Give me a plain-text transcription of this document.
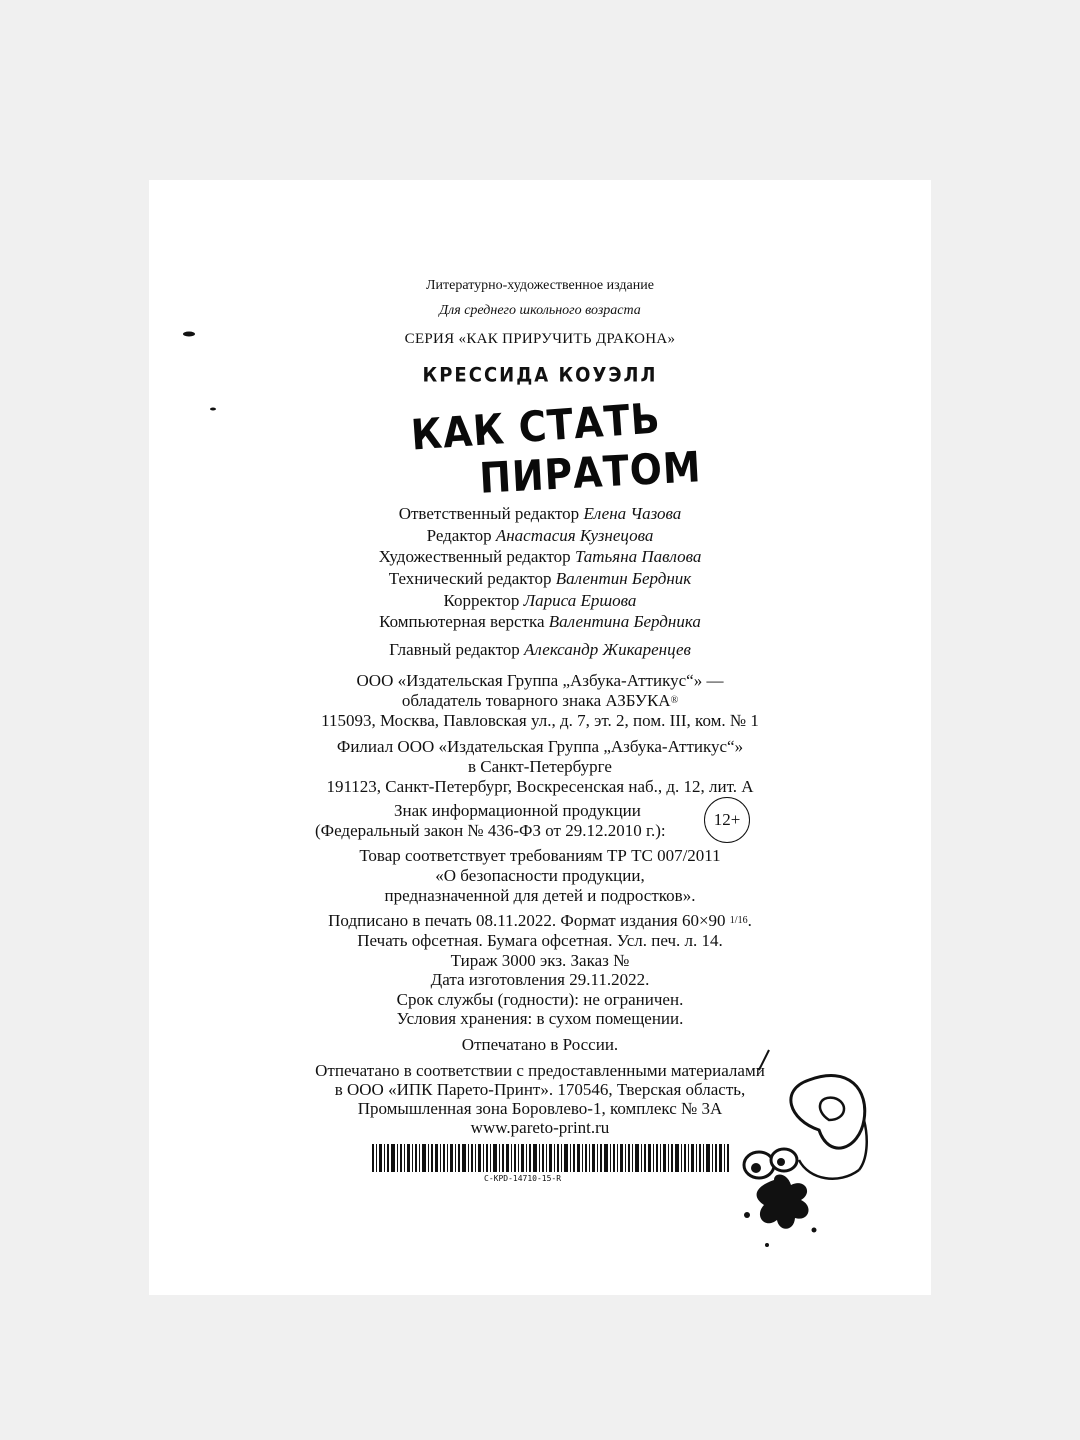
Литературно-художественное издание
Для среднего школьного возраста
СЕРИЯ «КАК ПРИРУЧИТЬ ДРАКОНА»
КРЕССИДА КОУЭЛЛ
КАК СТАТЬ
ПИРАТОМ
Ответственный редактор Елена Чазова
Редактор Анастасия Кузнецова
Художественный редактор Татьяна Павлова
Технический редактор Валентин Бердник
Корректор Лариса Ершова
Компьютерная верстка Валентина Бердника
Главный редактор Александр Жикаренцев
ООО «Издательская Группа „Азбука-Аттикус“» —
обладатель товарного знака АЗБУКА®
115093, Москва, Павловская ул., д. 7, эт. 2, пом. III, ком. № 1
Филиал ООО «Издательская Группа „Азбука-Аттикус“»
в Санкт-Петербурге
191123, Санкт-Петербург, Воскресенская наб., д. 12, лит. А
Знак информационной продукции
(Федеральный закон № 436-ФЗ от 29.12.2010 г.):
12+
Товар соответствует требованиям ТР ТС 007/2011
«О безопасности продукции,
предназначенной для детей и подростков».
Подписано в печать 08.11.2022. Формат издания 60×90 $^{1/16}$.
Печать офсетная. Бумага офсетная. Усл. печ. л. 14.
Тираж 3000 экз. Заказ №
Дата изготовления 29.11.2022.
Срок службы (годности): не ограничен.
Условия хранения: в сухом помещении.
Отпечатано в России.
Отпечатано в соответствии с предоставленными материалами
в ООО «ИПК Парето-Принт». 170546, Тверская область,
Промышленная зона Боровлево-1, комплекс № 3А
www.pareto-print.ru
C-KPD-14710-15-R
